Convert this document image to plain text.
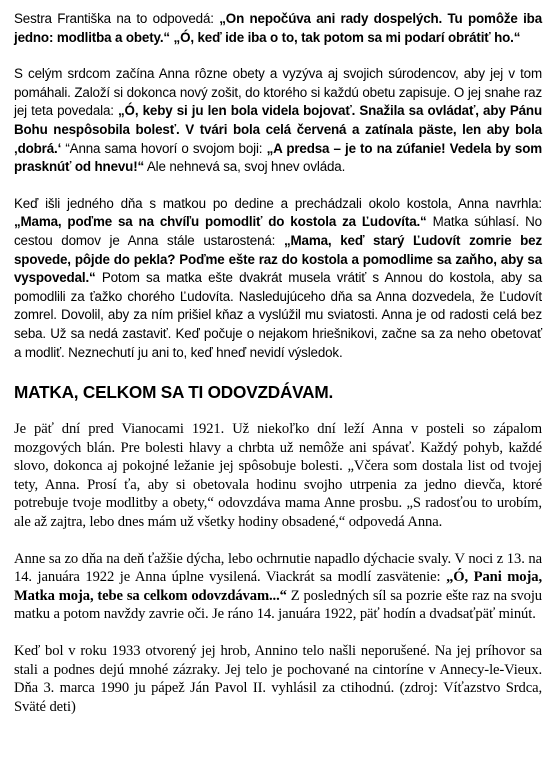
Sestra Františka na to odpovedá: „On nepočúva ani rady dospelých. Tu pomôže iba jedno: modlitba a obety.“ „Ó, keď ide iba o to, tak potom sa mi podarí obrátiť ho.“

S celým srdcom začína Anna rôzne obety a vyzýva aj svojich súrodencov, aby jej v tom pomáhali. Založí si dokonca nový zošit, do ktorého si každú obetu zapisuje. O jej snahe raz jej teta povedala: „Ó, keby si ju len bola videla bojovať. Snažila sa ovládať, aby Pánu Bohu nespôsobila bolesť. V tvári bola celá červená a zatínala päste, len aby bola ‚dobrá.‘ “Anna sama hovorí o svojom boji: „A predsa – je to na zúfanie! Vedela by som prasknúť od hnevu!“ Ale nehnevá sa, svoj hnev ovláda.

Keď išli jedného dňa s matkou po dedine a prechádzali okolo kostola, Anna navrhla: „Mama, poďme sa na chvíľu pomodliť do kostola za Ľudovíta.“ Matka súhlasí. No cestou domov je Anna stále ustarostená: „Mama, keď starý Ľudovít zomrie bez spovede, pôjde do pekla? Poďme ešte raz do kostola a pomodlime sa zaňho, aby sa vyspovedal.“ Potom sa matka ešte dvakrát musela vrátiť s Annou do kostola, aby sa pomodlili za ťažko chorého Ľudovíta. Nasledujúceho dňa sa Anna dozvedela, že Ľudovít zomrel. Dovolil, aby za ním prišiel kňaz a vyslúžil mu sviatosti. Anna je od radosti celá bez seba. Už sa nedá zastaviť. Keď počuje o nejakom hriešnikovi, začne sa za neho obetovať a modliť. Neznechutí ju ani to, keď hneď nevidí výsledok.

MATKA, CELKOM SA TI ODOVZDÁVAM.

Je päť dní pred Vianocami 1921. Už niekoľko dní leží Anna v posteli so zápalom mozgových blán. Pre bolesti hlavy a chrbta už nemôže ani spávať. Každý pohyb, každé slovo, dokonca aj pokojné ležanie jej spôsobuje bolesti. „Včera som dostala list od tvojej tety, Anna. Prosí ťa, aby si obetovala hodinu svojho utrpenia za jedno dievča, ktoré potrebuje tvoje modlitby a obety,“ odovzdáva mama Anne prosbu. „S radosťou to urobím, ale až zajtra, lebo dnes mám už všetky hodiny obsadené,“ odpovedá Anna.

Anne sa zo dňa na deň ťažšie dýcha, lebo ochrnutie napadlo dýchacie svaly. V noci z 13. na 14. januára 1922 je Anna úplne vysilená. Viackrát sa modlí zasvätenie: „Ó, Pani moja, Matka moja, tebe sa celkom odovzdávam...“ Z posledných síl sa pozrie ešte raz na svoju matku a potom navždy zavrie oči. Je ráno 14. januára 1922, päť hodín a dvadsaťpäť minút.

Keď bol v roku 1933 otvorený jej hrob, Annino telo našli neporušené. Na jej príhovor sa stali a podnes dejú mnohé zázraky. Jej telo je pochované na cintoríne v Annecy-le-Vieux. Dňa 3. marca 1990 ju pápež Ján Pavol II. vyhlásil za ctihodnú. (zdroj: Víťazstvo Srdca, Sväté deti)
